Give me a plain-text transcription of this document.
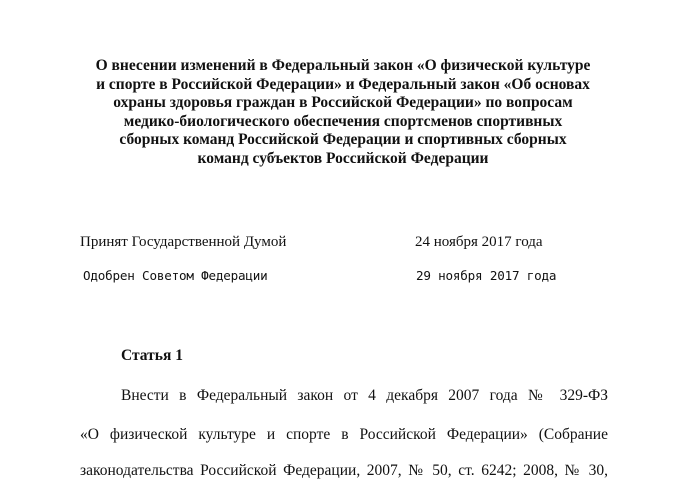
О внесении изменений в Федеральный закон «О физической культуре
и спорте в Российской Федерации» и Федеральный закон «Об основах
охраны здоровья граждан в Российской Федерации» по вопросам
медико-биологического обеспечения спортсменов спортивных
сборных команд Российской Федерации и спортивных сборных
команд субъектов Российской Федерации
Принят Государственной Думой	24 ноября 2017 года
Одобрен Советом Федерации	29 ноября 2017 года
Статья 1
Внести в Федеральный закон от 4 декабря 2007 года № 329-ФЗ
«О физической культуре и спорте в Российской Федерации» (Собрание
законодательства Российской Федерации, 2007, № 50, ст. 6242; 2008, № 30,
